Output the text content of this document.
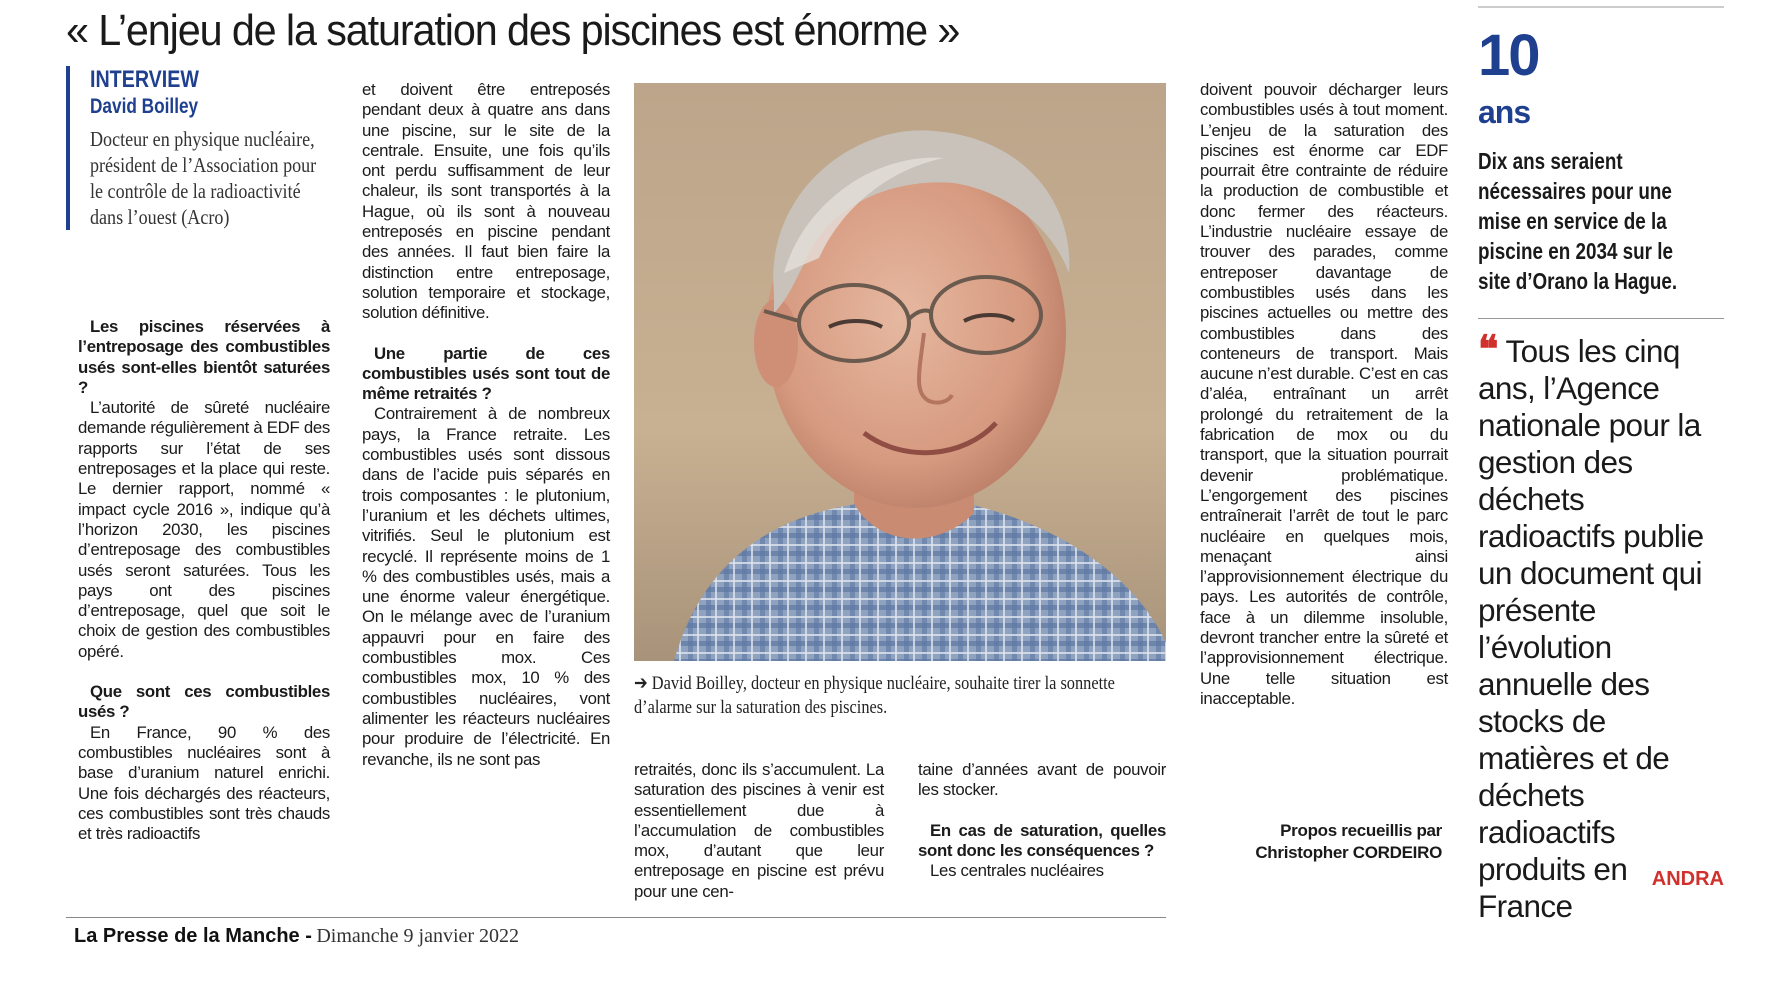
« L’enjeu de la saturation des piscines est énorme »
INTERVIEW
David Boilley
Docteur en physique nucléaire, président de l’Association pour le contrôle de la radioactivité dans l’ouest (Acro)

Les piscines réservées à l’entreposage des combustibles usés sont-elles bientôt saturées ?

L’autorité de sûreté nucléaire demande régulièrement à EDF des rapports sur l’état de ses entreposages et la place qui reste. Le dernier rapport, nommé « impact cycle 2016 », indique qu’à l’horizon 2030, les piscines d’entreposage des combustibles usés seront saturées. Tous les pays ont des piscines d’entreposage, quel que soit le choix de gestion des combustibles opéré.

Que sont ces combustibles usés ?

En France, 90 % des combustibles nucléaires sont à base d’uranium naturel enrichi. Une fois déchargés des réacteurs, ces combustibles sont très chauds et très radioactifs

et doivent être entreposés pendant deux à quatre ans dans une piscine, sur le site de la centrale. Ensuite, une fois qu’ils ont perdu suffisamment de leur chaleur, ils sont transportés à la Hague, où ils sont à nouveau entreposés en piscine pendant des années. Il faut bien faire la distinction entre entreposage, solution temporaire et stockage, solution définitive.

Une partie de ces combustibles usés sont tout de même retraités ?

Contrairement à de nombreux pays, la France retraite. Les combustibles usés sont dissous dans de l’acide puis séparés en trois composantes : le plutonium, l’uranium et les déchets ultimes, vitrifiés. Seul le plutonium est recyclé. Il représente moins de 1 % des combustibles usés, mais a une énorme valeur énergétique. On le mélange avec de l’uranium appauvri pour en faire des combustibles mox. Ces combustibles mox, 10 % des combustibles nucléaires, vont alimenter les réacteurs nucléaires pour produire de l’électricité. En revanche, ils ne sont pas

➔ David Boilley, docteur en physique nucléaire, souhaite tirer la sonnette d’alarme sur la saturation des piscines.

retraités, donc ils s’accumulent. La saturation des piscines à venir est essentiellement due à l’accumulation de combustibles mox, d’autant que leur entreposage en piscine est prévu pour une cen-

taine d’années avant de pouvoir les stocker.

En cas de saturation, quelles sont donc les conséquences ?

Les centrales nucléaires

doivent pouvoir décharger leurs combustibles usés à tout moment. L’enjeu de la saturation des piscines est énorme car EDF pourrait être contrainte de réduire la production de combustible et donc fermer des réacteurs. L’industrie nucléaire essaye de trouver des parades, comme entreposer davantage de combustibles usés dans les piscines actuelles ou mettre des combustibles dans des conteneurs de transport. Mais aucune n’est durable. C’est en cas d’aléa, entraînant un arrêt prolongé du retraitement de la fabrication de mox ou du transport, que la situation pourrait devenir problématique. L’engorgement des piscines entraînerait l’arrêt de tout le parc nucléaire en quelques mois, menaçant ainsi l’approvisionnement électrique du pays. Les autorités de contrôle, face à un dilemme insoluble, devront trancher entre la sûreté et l’approvisionnement électrique. Une telle situation est inacceptable.

Propos recueillis par
Christopher CORDEIRO
La Presse de la Manche - Dimanche 9 janvier 2022
10
ans
Dix ans seraient nécessaires pour une mise en service de la piscine en 2034 sur le site d’Orano la Hague.
❝ Tous les cinq ans, l’Agence nationale pour la gestion des déchets radioactifs publie un document qui présente l’évolution annuelle des stocks de matières et de déchets radioactifs produits en France
ANDRA
